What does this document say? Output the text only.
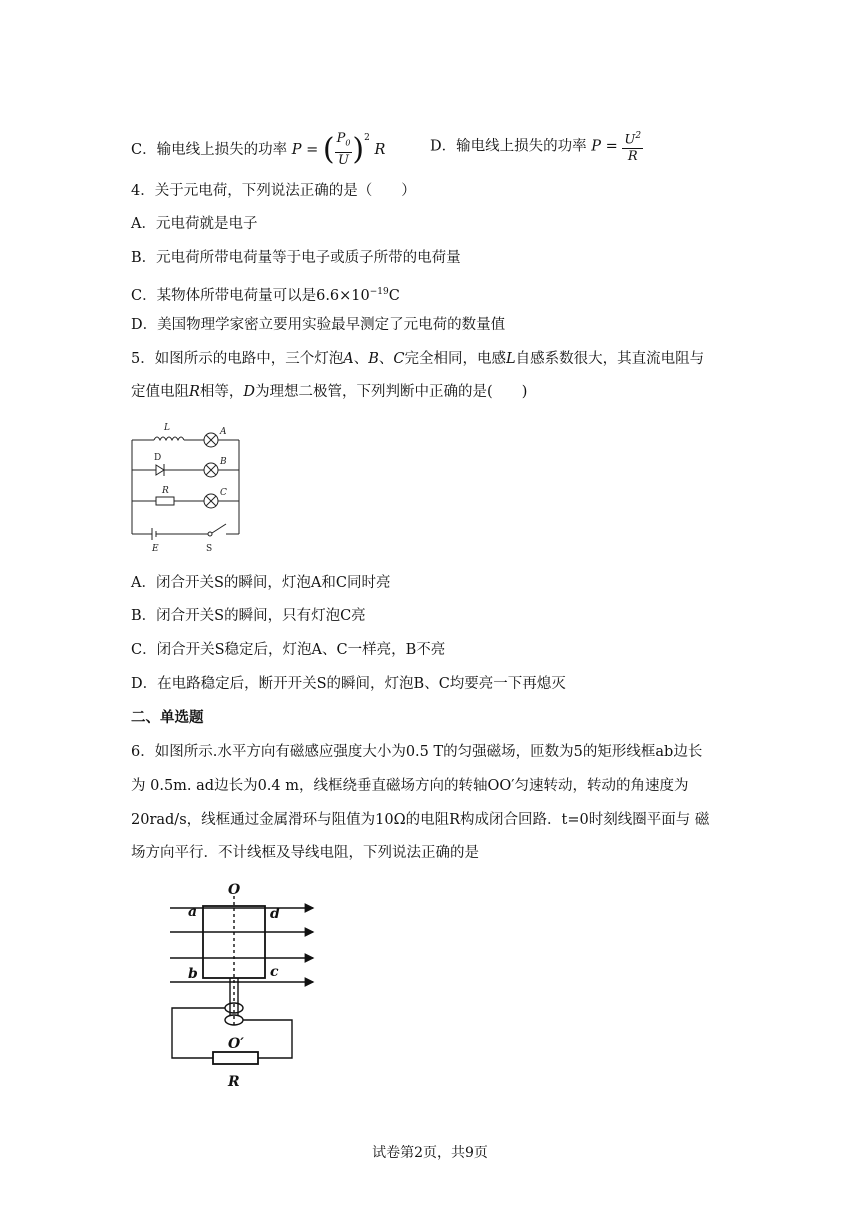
C．输电线上损失的功率 P = ( $\frac{P_0}{U} )^2$ R	D．输电线上损失的功率 $P = \frac{U^2}{R}$
4．关于元电荷，下列说法正确的是（　　）
A．元电荷就是电子
B．元电荷所带电荷量等于电子或质子所带的电荷量
C．某物体所带电荷量可以是$6.6\times 10^{-19}C$
D．美国物理学家密立要用实验最早测定了元电荷的数量值
5．如图所示的电路中，三个灯泡A、B、C完全相同，电感L自感系数很大，其直流电阻与
定值电阻R相等，D为理想二极管，下列判断中正确的是(　　)
L	A
D	B
R	C
E	S
A．闭合开关S的瞬间，灯泡A和C同时亮
B．闭合开关S的瞬间，只有灯泡C亮
C．闭合开关S稳定后，灯泡A、C一样亮，B不亮
D．在电路稳定后，断开开关S的瞬间，灯泡B、C均要亮一下再熄灭
二、单选题
6．如图所示.水平方向有磁感应强度大小为0.5 T的匀强磁场，匝数为5的矩形线框ab边长
为 0.5m. ad边长为0.4 m，线框绕垂直磁场方向的转轴OO′匀速转动，转动的角速度为
20rad/s，线框通过金属滑环与阻值为10Ω的电阻R构成闭合回路．t=0时刻线圈平面与 磁
场方向平行．不计线框及导线电阻，下列说法正确的是
O
a	d
b	c
O′
R
试卷第2页，共9页
